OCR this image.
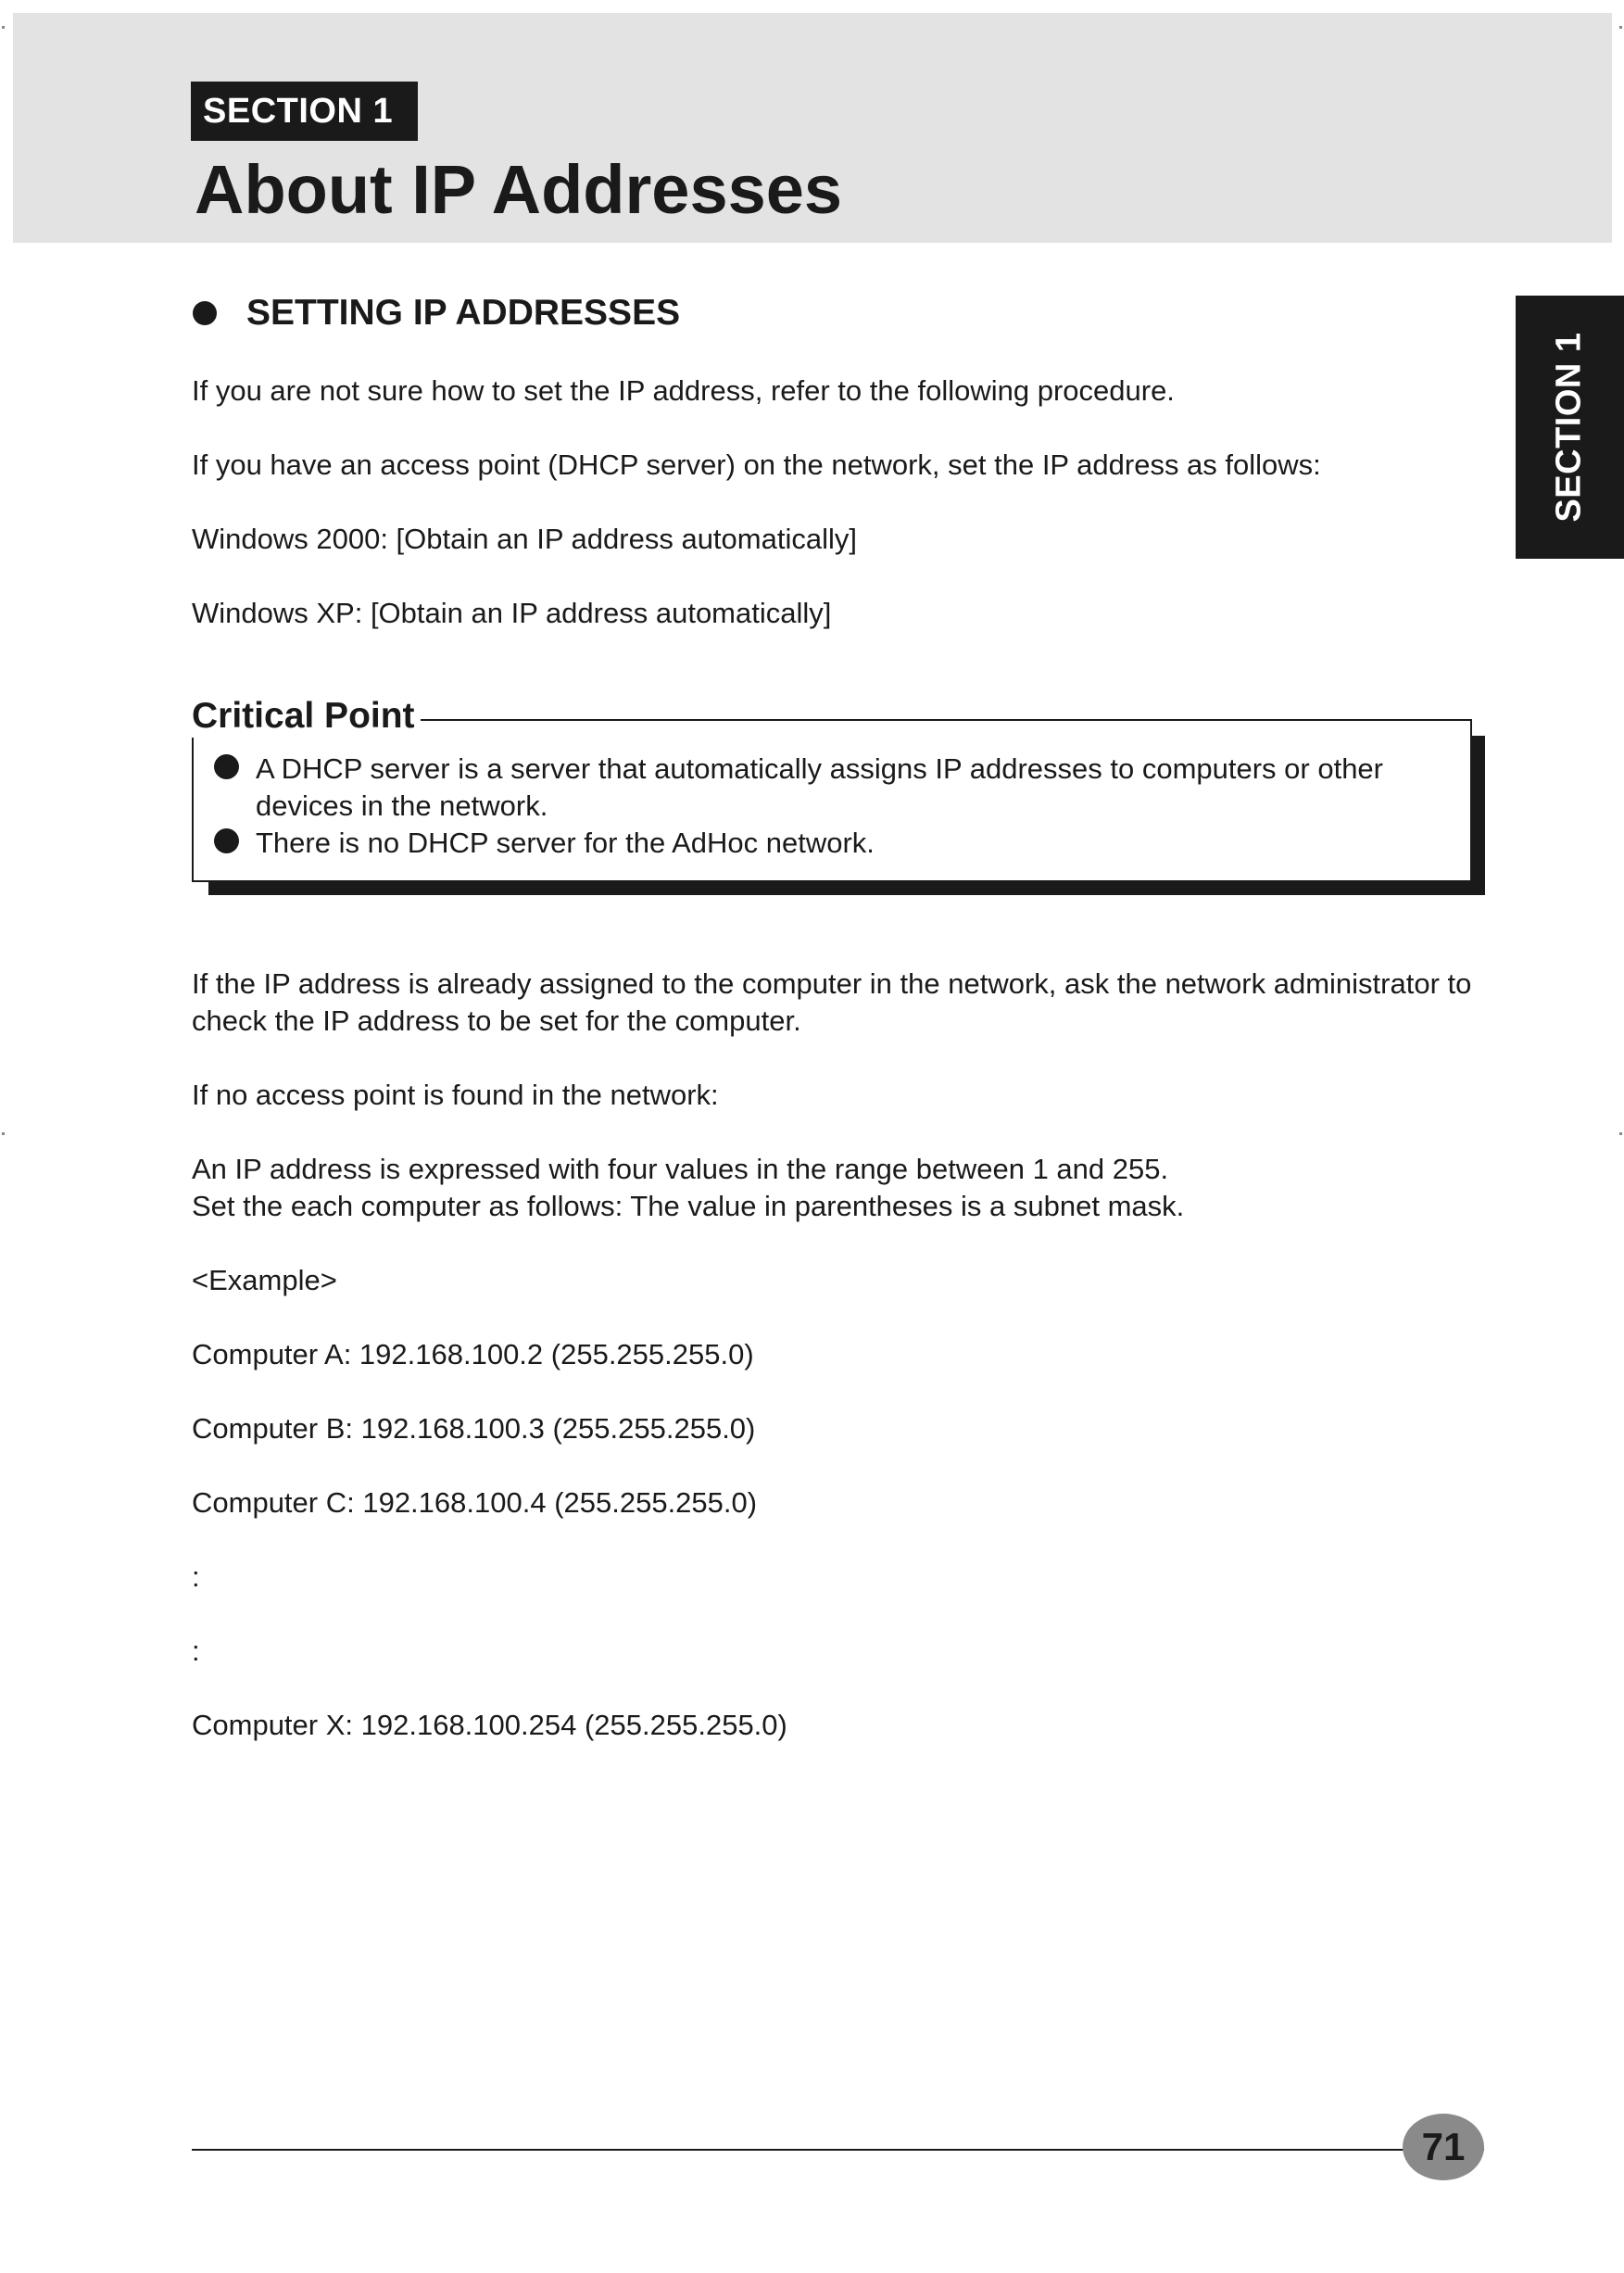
SECTION 1
About IP Addresses
SECTION 1
SETTING IP ADDRESSES

If you are not sure how to set the IP address, refer to the following procedure.

If you have an access point (DHCP server) on the network, set the IP address as follows:

Windows 2000: [Obtain an IP address automatically]

Windows XP: [Obtain an IP address automatically]

Critical Point
A DHCP server is a server that automatically assigns IP addresses to computers or other devices in the network.
There is no DHCP server for the AdHoc network.

If the IP address is already assigned to the computer in the network, ask the network administrator to

check the IP address to be set for the computer.

If no access point is found in the network:

An IP address is expressed with four values in the range between 1 and 255.

Set the each computer as follows: The value in parentheses is a subnet mask.

<Example>

Computer A: 192.168.100.2 (255.255.255.0)

Computer B: 192.168.100.3 (255.255.255.0)

Computer C: 192.168.100.4 (255.255.255.0)

:

:

Computer X: 192.168.100.254 (255.255.255.0)

71
